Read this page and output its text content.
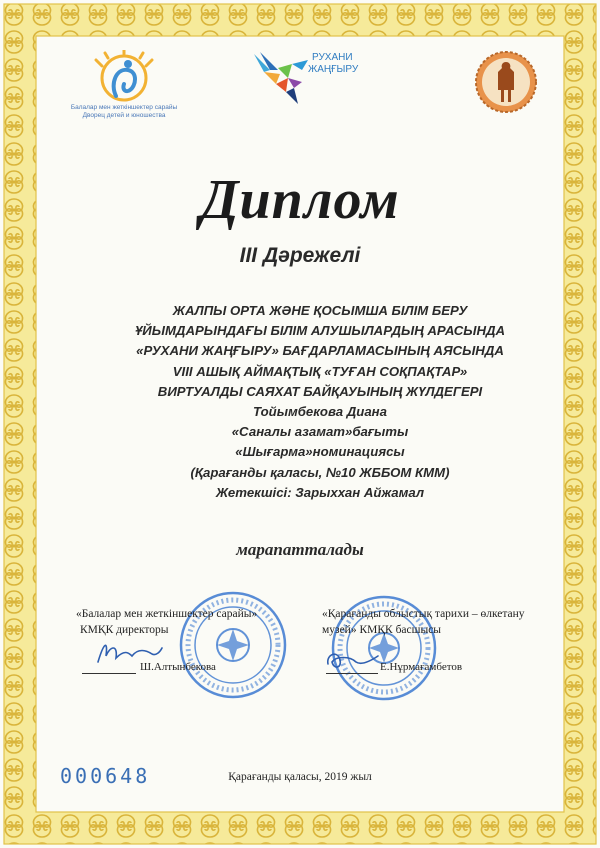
Балалар мен жеткіншектер сарайы
Дворец детей и юношества
РУХАНИ
ЖАҢҒЫРУ
Диплом
III Дәрежелі
ЖАЛПЫ ОРТА ЖӘНЕ ҚОСЫМША БІЛІМ БЕРУ
ҰЙЫМДАРЫНДАҒЫ БІЛІМ АЛУШЫЛАРДЫҢ АРАСЫНДА
«РУХАНИ ЖАҢҒЫРУ» БАҒДАРЛАМАСЫНЫҢ АЯСЫНДА
VIII АШЫҚ АЙМАҚТЫҚ «ТУҒАН СОҚПАҚТАР»
ВИРТУАЛДЫ САЯХАТ БАЙҚАУЫНЫҢ ЖҮЛДЕГЕРІ
Тойымбекова Диана
«Саналы азамат»бағыты
«Шығарма»номинациясы
(Қарағанды қаласы, №10 ЖББОМ КММ)
Жетекшісі: Зарыххан Айжамал
марапатталады
«Балалар мен жеткіншектер сарайы»
КМҚК директоры
Ш.Алтынбекова
«Қарағанды облыстық тарихи – өлкетану
музей» КМҚК басшысы
Е.Нұрмағамбетов
000648	Қарағанды қаласы, 2019 жыл
